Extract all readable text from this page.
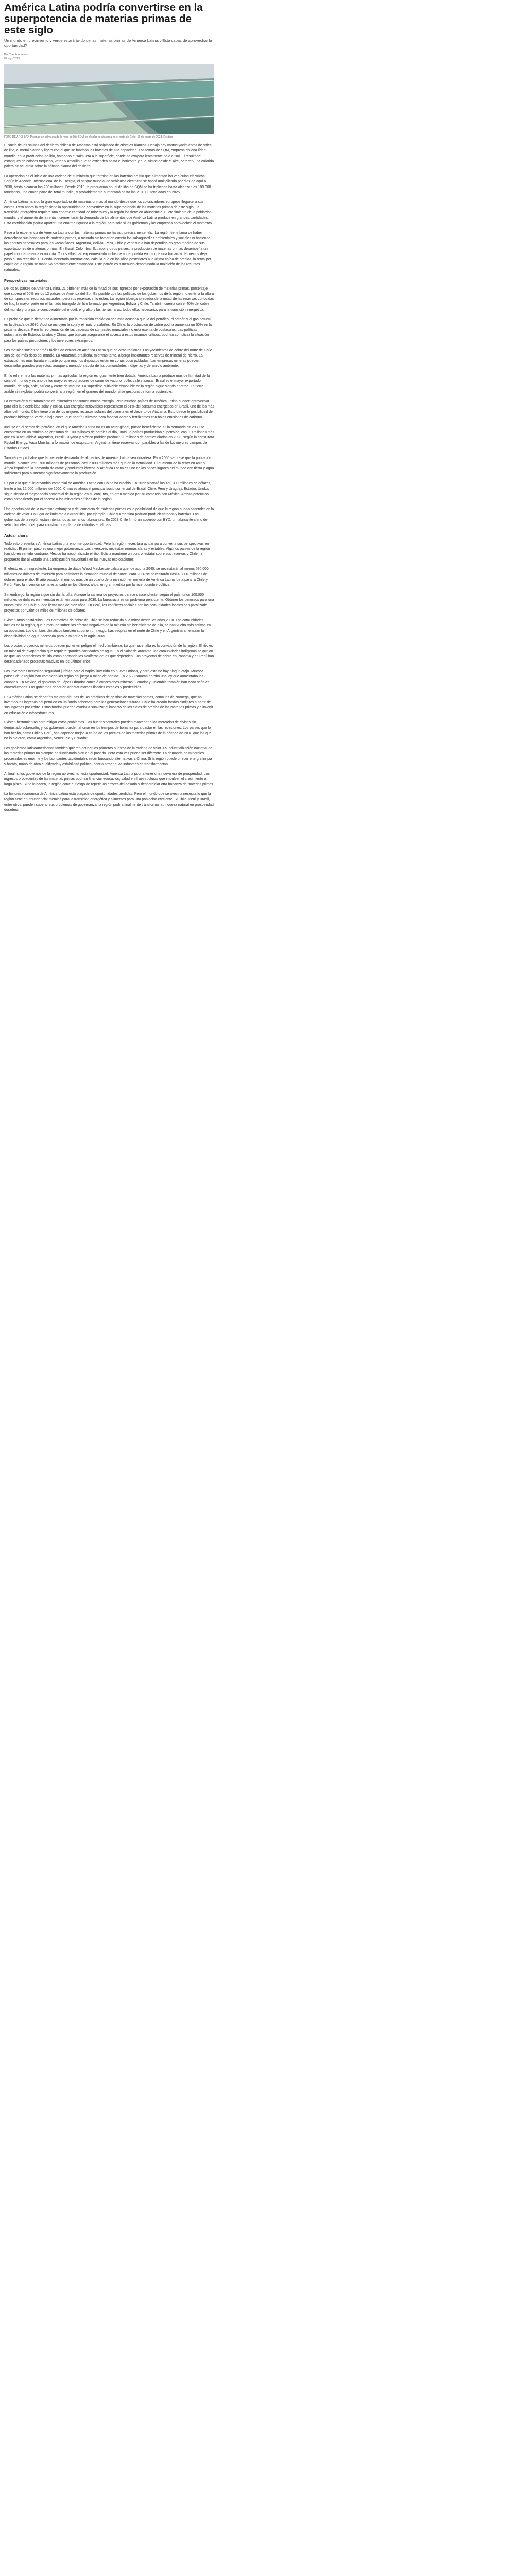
América Latina podría convertirse en la superpotencia de materias primas de este siglo

Un mundo en crecimiento y verde estará ávido de las materias primas de América Latina. ¿Está capaz de aprovechar la oportunidad?

Por The Economist
04 ago 2023
FOTO DE ARCHIVO: Piscinas de salmuera de la mina de litio SQM en el salar de Atacama en el norte de Chile, 16 de enero de 2023. Reuters

El suelo de las salinas del desierto chileno de Atacama está salpicado de cristales blancos. Debajo hay vastos yacimientos de sales de litio, el metal blando y ligero con el que se fabrican las baterías de alta capacidad. Las tomas de SQM, empresa chilena líder mundial en la producción de litio, bombean el salmuera a la superficie, donde se evapora lentamente bajo el sol. El resultado: estanques de colores turquesa, verde y amarillo que se extienden hasta el horizonte y que, vistos desde el aire, parecen una colorida paleta de acuarela sobre la sábana blanca del desierto.

La operación es el inicio de una cadena de suministro que termina en las baterías de litio que alimentan los vehículos eléctricos. Según la Agencia Internacional de la Energía, el parque mundial de vehículos eléctricos se habrá multiplicado por diez de aquí a 2030, hasta alcanzar los 230 millones. Desde 2019, la producción anual de litio de SQM se ha triplicado hasta alcanzar las 180.000 toneladas, una cuarta parte del total mundial, y probablemente aumentará hasta las 210.000 toneladas en 2025.

América Latina ha sido la gran exportadora de materias primas al mundo desde que los colonizadores europeos llegaron a sus costas. Pero ahora la región tiene la oportunidad de convertirse en la superpotencia de las materias primas de este siglo. La transición energética requiere una enorme cantidad de minerales y la región los tiene en abundancia. El crecimiento de la población mundial y el aumento de la renta incrementarán la demanda de los alimentos que América Latina produce en grandes cantidades. Esta combinación podría aportar una enorme riqueza a la región, pero solo si los gobiernos y las empresas aprovechan el momento.

Pese a la experiencia de América Latina con las materias primas no ha sido precisamente feliz. La región tiene fama de haber derrochado sus bonanzas de materias primas, a menudo sin tomar en cuenta las salvaguardias ambientales y sociales ni haciendo los ahorros necesarios para las vacas flacas. Argentina, Bolivia, Perú, Chile y Venezuela han dependido en gran medida de sus exportaciones de materias primas. En Brasil, Colombia, Ecuador y otros países, la producción de materias primas desempeña un papel importante en la economía. Todos ellos han experimentado ciclos de auge y caída en los que una bonanza de precios deja paso a una recesión. El Fondo Monetario Internacional calcula que en los años posteriores a la última caída de precios, la renta per cápita de la región se mantuvo prácticamente estancada. Este patrón es a menudo denominado la maldición de los recursos naturales.

Perspectivas materiales

De los 50 países de América Latina, 21 obtienen más de la mitad de sus ingresos por exportación de materias primas, porcentaje que supera el 60% en los 12 países de América del Sur. Es posible que las políticas de los gobiernos de la región no estén a la altura de su riqueza en recursos naturales, pero sus reservas sí lo están. La región alberga alrededor de la mitad de las reservas conocidas de litio, la mayor parte en el llamado triángulo del litio formado por Argentina, Bolivia y Chile. También cuenta con el 40% del cobre del mundo y una parte considerable del níquel, el grafito y las tierras raras, todos ellos necesarios para la transición energética.

Es probable que la demanda alimentaria por la transición ecológica sea más acusada que la del petróleo, el carbón y el gas natural en la década de 2030. Aquí se incluyen la soja y el maíz brasileños. En Chile, la producción de cobre podría aumentar un 50% en la próxima década. Pero la reordenación de las cadenas de suministro mundiales no está exenta de obstáculos. Las políticas industriales de Estados Unidos y China, que buscan asegurarse el acceso a estos insumos críticos, podrían complicar la situación para los países productores y los inversores extranjeros.

Los metales suelen ser más fáciles de extraer en América Latina que en otras regiones. Los yacimientos de cobre del norte de Chile son de los más ricos del mundo. La Amazonia brasileña, mientras tanto, alberga importantes reservas de mineral de hierro. La extracción es más barata en parte porque muchos depósitos están en zonas poco pobladas. Las empresas mineras pueden desarrollar grandes proyectos, aunque a menudo a costa de las comunidades indígenas y del medio ambiente.

En lo referente a las materias primas agrícolas, la región es igualmente bien dotada. América Latina produce más de la mitad de la soja del mundo y es uno de los mayores exportadores de carne de vacuno, pollo, café y azúcar. Brasil es el mayor exportador mundial de soja, café, azúcar y carne de vacuno. La superficie cultivable disponible en la región sigue siendo enorme. La tierra arable sin explotar podría convertir a la región en el granero del mundo, si se gestiona de forma sostenible.

La extracción y el tratamiento de minerales consumen mucha energía. Pero muchos países de América Latina pueden aprovechar para ello la electricidad solar y eólica. Las energías renovables representan el 61% del consumo energético en Brasil, uno de los más altos del mundo. Chile tiene uno de los mejores recursos solares del planeta en el desierto de Atacama. Esto ofrece la posibilidad de producir hidrógeno verde a bajo coste, que podría utilizarse para fabricar acero y fertilizantes con bajas emisiones de carbono.

Incluso en el sector del petróleo, en el que América Latina no es un actor global, puede beneficiarse. Si la demanda de 2030 se encontrara en un mínimo de consumo de 100 millones de barriles al día, unos 35 países producirían el petróleo, casi 10 millones más que en la actualidad. Argentina, Brasil, Guyana y México podrían producir 11 millones de barriles diarios en 2030, según la consultora Rystad Energy. Vaca Muerta, la formación de esquisto en Argentina, tiene reservas comparables a las de los mejores campos de Estados Unidos.

También es probable que la creciente demanda de alimentos de América Latina sea duradera. Para 2050 se prevé que la población mundial alcance los 9.700 millones de personas, casi 2.000 millones más que en la actualidad. El aumento de la renta en Asia y África impulsará la demanda de carne y productos lácteos, y América Latina es uno de los pocos lugares del mundo con tierra y agua suficientes para aumentar significativamente la producción.

Es por ello que el intercambio comercial de América Latina con China ha crecido. En 2022 alcanzó los 450.000 millones de dólares, frente a los 12.000 millones de 2000. China es ahora el principal socio comercial de Brasil, Chile, Perú y Uruguay. Estados Unidos sigue siendo el mayor socio comercial de la región en su conjunto, en gran medida por su comercio con México. Ambas potencias están compitiendo por el acceso a los minerales críticos de la región.

Una oportunidad de la inversión extranjera y del comercio de materias primas es la posibilidad de que la región pueda ascender en la cadena de valor. En lugar de limitarse a extraer litio, por ejemplo, Chile y Argentina podrían producir cátodos y baterías. Los gobiernos de la región están intentando atraer a los fabricantes. En 2023 Chile firmó un acuerdo con BYD, un fabricante chino de vehículos eléctricos, para construir una planta de cátodos en el país.

Actuar ahora

Todo esto presenta a América Latina una enorme oportunidad. Pero la región necesitará actuar para convertir sus perspectivas en realidad. El primer paso es una mejor gobernanza. Los inversores necesitan normas claras y estables. Algunos países de la región han ido en sentido contrario. México ha nacionalizado el litio, Bolivia mantiene un control estatal sobre sus reservas y Chile ha propuesto dar al Estado una participación mayoritaria en las nuevas explotaciones.

El efecto es un ingrediente. La empresa de datos Wood Mackenzie calcula que, de aquí a 2040, se necesitarán al menos 570.000 millones de dólares de inversión para satisfacer la demanda mundial de cobre. Para 2030 se necesitarán casi 40.000 millones de dólares para el litio. El año pasado, el mundo más de un cuarto de la inversión en minería de América Latina fue a parar a Chile y Perú. Pero la inversión se ha estancado en los últimos años, en gran medida por la incertidumbre política.

Sin embargo, la región sigue sin dar la talla. Aunque la carrera de proyectos parece descendiente, según el país, unos 100.000 millones de dólares en inversión están en curso para 2030. La burocracia es un problema persistente. Obtener los permisos para una nueva mina en Chile puede llevar más de diez años. En Perú, los conflictos sociales con las comunidades locales han paralizado proyectos por valor de miles de millones de dólares.

Existen otros obstáculos. Las normativas de cobre de Chile se han reducido a la mitad desde los años 2000. Las comunidades locales de la región, que a menudo sufren los efectos negativos de la minería sin beneficiarse de ella, se han vuelto más activas en su oposición. Los cambios climáticos también suponen un riesgo. Las sequías en el norte de Chile y en Argentina amenazan la disponibilidad de agua necesaria para la minería y la agricultura.

Los propios proyectos mineros pueden poner en peligro el medio ambiente. Lo que hace falta es la convicción de la región. El litio es un mineral de evaporación que requiere grandes cantidades de agua. En el Salar de Atacama, las comunidades indígenas se quejan de que las operaciones de litio están agotando los acuíferos de los que dependen. Los proyectos de cobre en Panamá y en Perú han desencadenado protestas masivas en los últimos años.

Los inversores necesitan seguridad jurídica para el capital invertido en nuevas minas, y para esto no hay ningún atajo. Muchos países de la región han cambiado las reglas del juego a mitad de partido. En 2022 Panamá aprobó una ley que aumentaba los cánones. En México, el gobierno de López Obrador canceló concesiones mineras. Ecuador y Colombia también han dado señales contradictorias. Los gobiernos deberían adoptar marcos fiscales estables y predecibles.

En América Latina se deberían mejorar algunas de las prácticas de gestión de materias primas, como las de Noruega, que ha invertido los ingresos del petróleo en un fondo soberano para las generaciones futuras. Chile ha creado fondos similares a partir de sus ingresos por cobre. Estos fondos pueden ayudar a suavizar el impacto de los ciclos de precios de las materias primas y a invertir en educación e infraestructuras.

Existen herramientas para mitigar estos problemas. Las buenas centrales pueden mantener a los mercados de divisas sin demasiado sobresalto, y los gobiernos pueden ahorrar en los tiempos de bonanza para gastar en las recesiones. Los países que lo han hecho, como Chile y Perú, han capeado mejor la caída de los precios de las materias primas de la década de 2010 que los que no lo hicieron, como Argentina, Venezuela y Ecuador.

Los gobiernos latinoamericanos también quieren ocupar los primeros puestos de la cadena de valor. La industrialización nacional de las materias primas no siempre ha funcionado bien en el pasado. Pero esta vez puede ser diferente. La demanda de minerales procesados es enorme y los fabricantes occidentales están buscando alternativas a China. Si la región puede ofrecer energía limpia y barata, mano de obra cualificada y estabilidad política, podría atraer a las industrias de transformación.

Al final, si los gobiernos de la región aprovechan esta oportunidad, América Latina podría tener una nueva era de prosperidad. Los ingresos procedentes de las materias primas podrían financiar educación, salud e infraestructuras que impulsen el crecimiento a largo plazo. Si no lo hacen, la región corre el riesgo de repetir los errores del pasado y desperdiciar otra bonanza de materias primas.

La historia económica de América Latina está plagada de oportunidades perdidas. Pero el mundo que se avecina necesita lo que la región tiene en abundancia: metales para la transición energética y alimentos para una población creciente. Si Chile, Perú y Brasil, entre otros, pueden superar sus problemas de gobernanza, la región podría finalmente transformar su riqueza natural en prosperidad duradera.
